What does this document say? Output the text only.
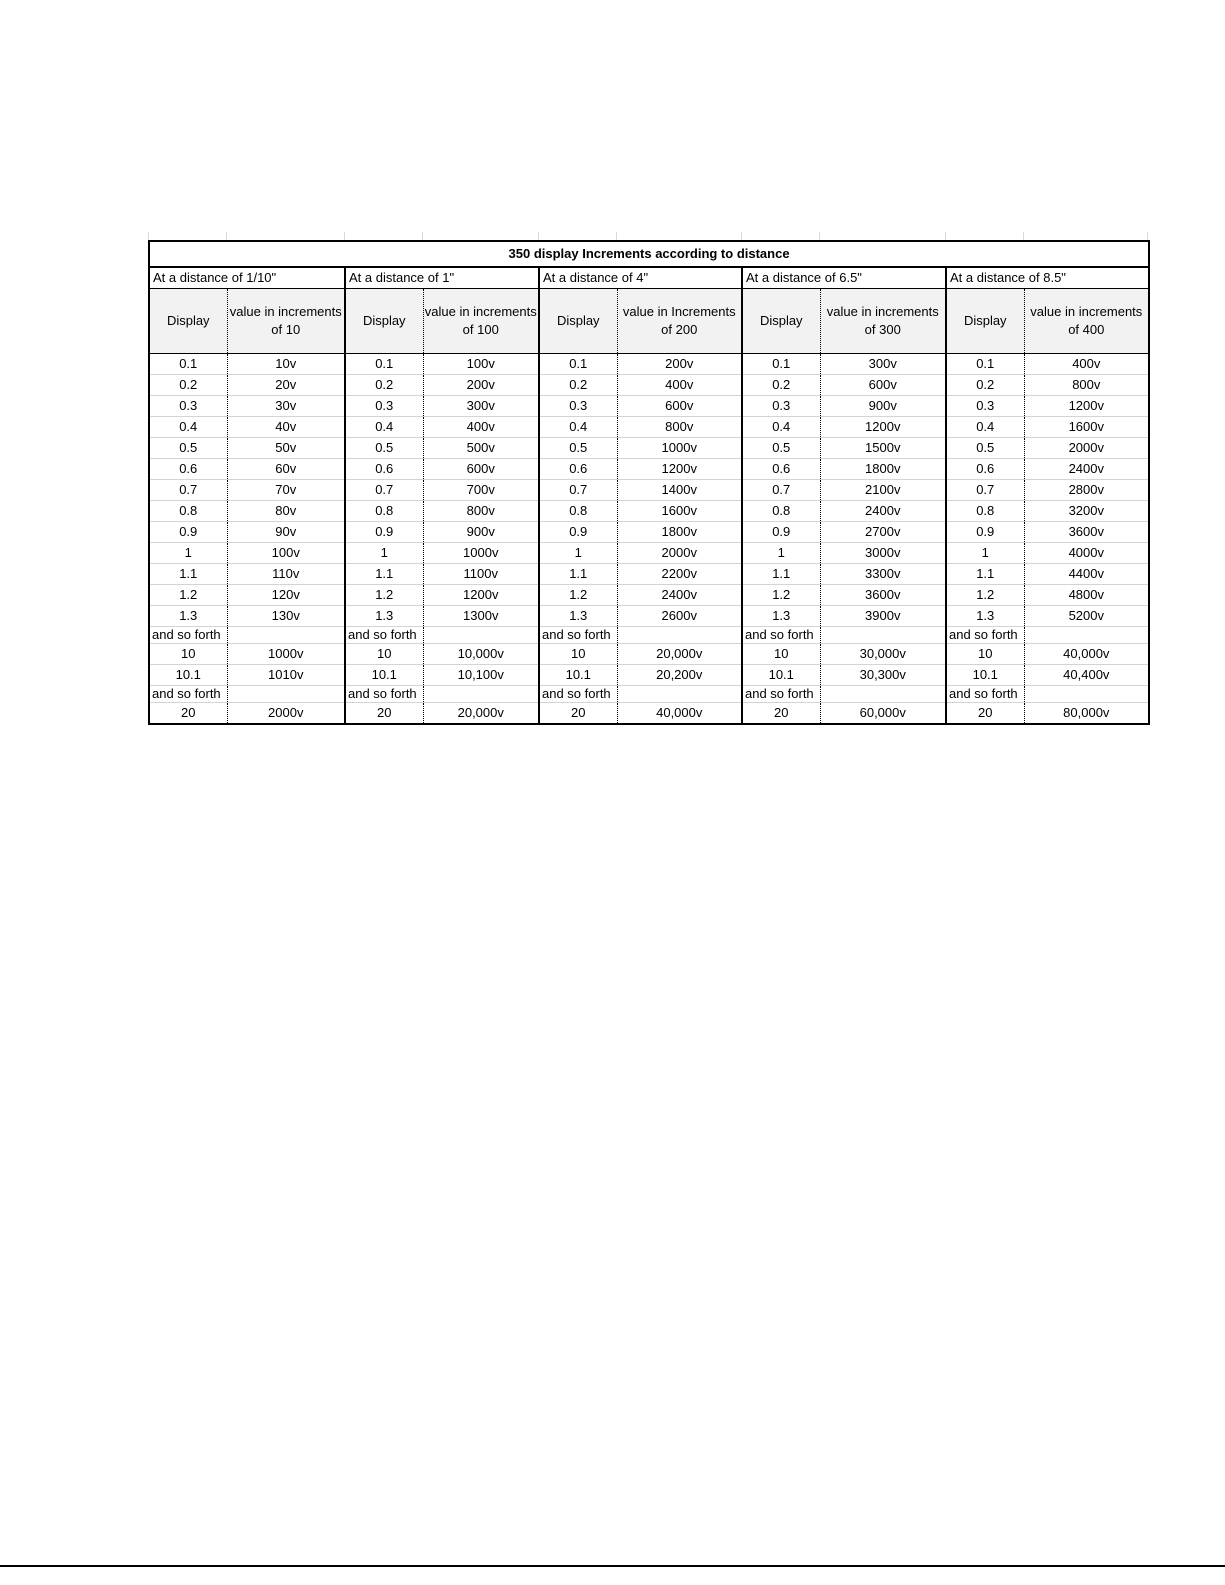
350 display Increments according to distance									
At a distance of 1/10"		At a distance of 1"		At a distance of 4"		At a distance of 6.5"		At a distance of 8.5"	
Display	value in increments of 10	Display	value in increments of 100	Display	value in Increments of 200	Display	value in increments of 300	Display	value in increments of 400
0.1	10v	0.1	100v	0.1	200v	0.1	300v	0.1	400v
0.2	20v	0.2	200v	0.2	400v	0.2	600v	0.2	800v
0.3	30v	0.3	300v	0.3	600v	0.3	900v	0.3	1200v
0.4	40v	0.4	400v	0.4	800v	0.4	1200v	0.4	1600v
0.5	50v	0.5	500v	0.5	1000v	0.5	1500v	0.5	2000v
0.6	60v	0.6	600v	0.6	1200v	0.6	1800v	0.6	2400v
0.7	70v	0.7	700v	0.7	1400v	0.7	2100v	0.7	2800v
0.8	80v	0.8	800v	0.8	1600v	0.8	2400v	0.8	3200v
0.9	90v	0.9	900v	0.9	1800v	0.9	2700v	0.9	3600v
1	100v	1	1000v	1	2000v	1	3000v	1	4000v
1.1	110v	1.1	1100v	1.1	2200v	1.1	3300v	1.1	4400v
1.2	120v	1.2	1200v	1.2	2400v	1.2	3600v	1.2	4800v
1.3	130v	1.3	1300v	1.3	2600v	1.3	3900v	1.3	5200v
and so forth		and so forth		and so forth		and so forth		and so forth	
10	1000v	10	10,000v	10	20,000v	10	30,000v	10	40,000v
10.1	1010v	10.1	10,100v	10.1	20,200v	10.1	30,300v	10.1	40,400v
and so forth		and so forth		and so forth		and so forth		and so forth	
20	2000v	20	20,000v	20	40,000v	20	60,000v	20	80,000v
